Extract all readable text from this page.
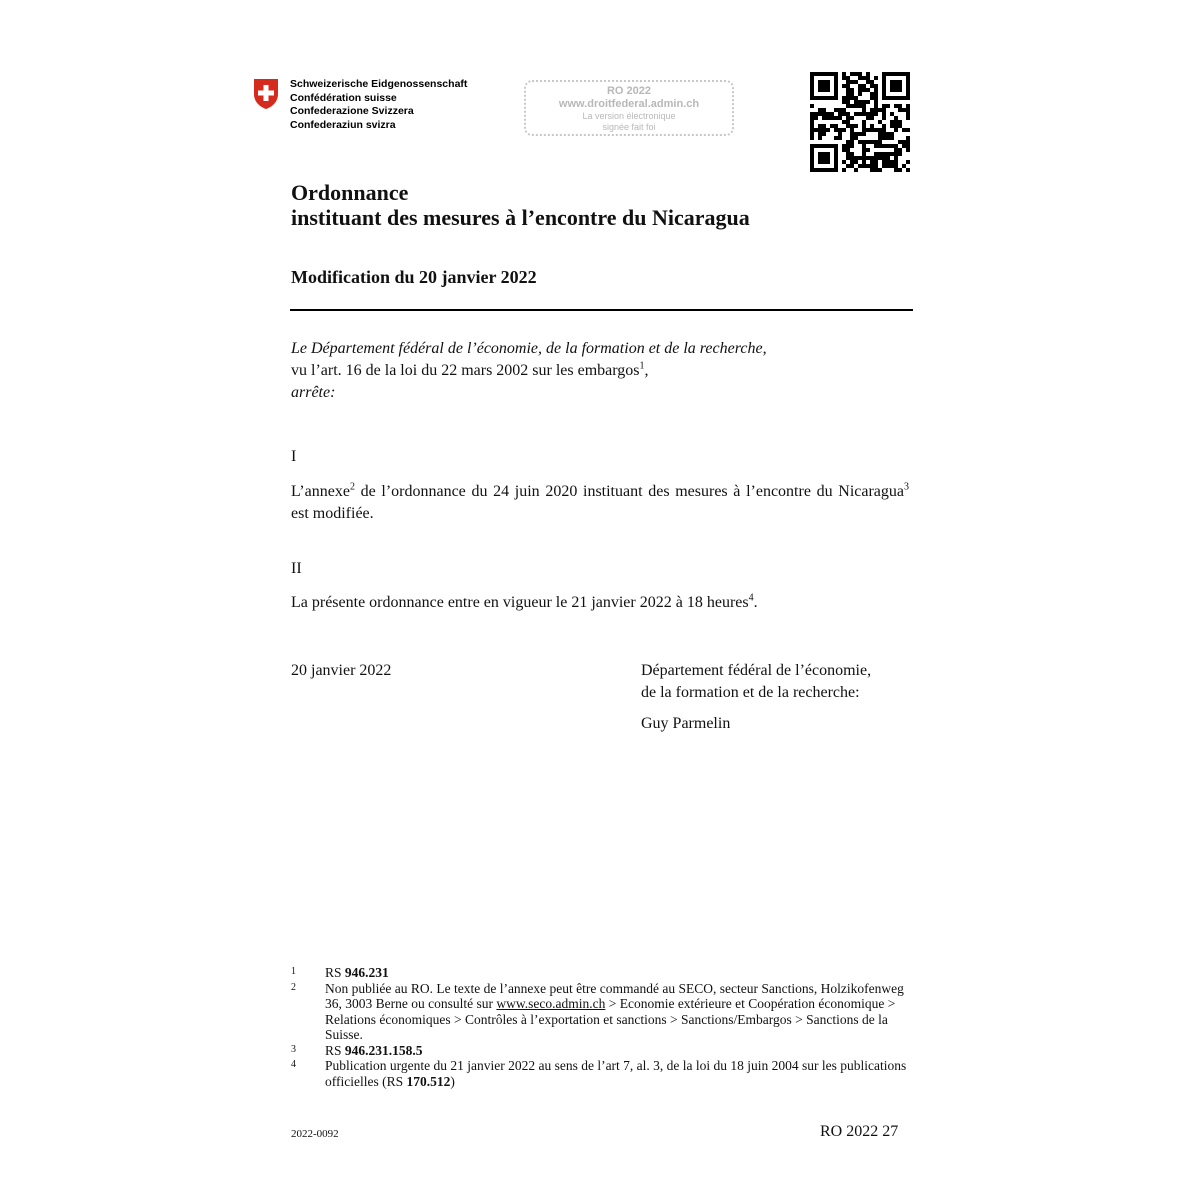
Schweizerische Eidgenossenschaft
Confédération suisse
Confederazione Svizzera
Confederaziun svizra
RO 2022
www.droitfederal.admin.ch
La version électronique
signée fait foi
Ordonnance
instituant des mesures à l’encontre du Nicaragua
Modification du 20 janvier 2022
Le Département fédéral de l’économie, de la formation et de la recherche,
vu l’art. 16 de la loi du 22 mars 2002 sur les embargos$^1$,
arrête:
I
L’annexe$^2$ de l’ordonnance du 24 juin 2020 instituant des mesures à l’encontre du Nicaragua$^3$ est modifiée.
II
La présente ordonnance entre en vigueur le 21 janvier 2022 à 18 heures$^4$.
20 janvier 2022	Département fédéral de l’économie,
de la formation et de la recherche:
Guy Parmelin
1	RS 946.231
2	Non publiée au RO. Le texte de l’annexe peut être commandé au SECO, secteur Sanctions, Holzikofenweg 36, 3003 Berne ou consulté sur www.seco.admin.ch > Economie extérieure et Coopération économique > Relations économiques > Contrôles à l’exportation et sanctions > Sanctions/Embargos > Sanctions de la Suisse.
3	RS 946.231.158.5
4	Publication urgente du 21 janvier 2022 au sens de l’art 7, al. 3, de la loi du 18 juin 2004 sur les publications officielles (RS 170.512)
2022-0092	RO 2022 27
